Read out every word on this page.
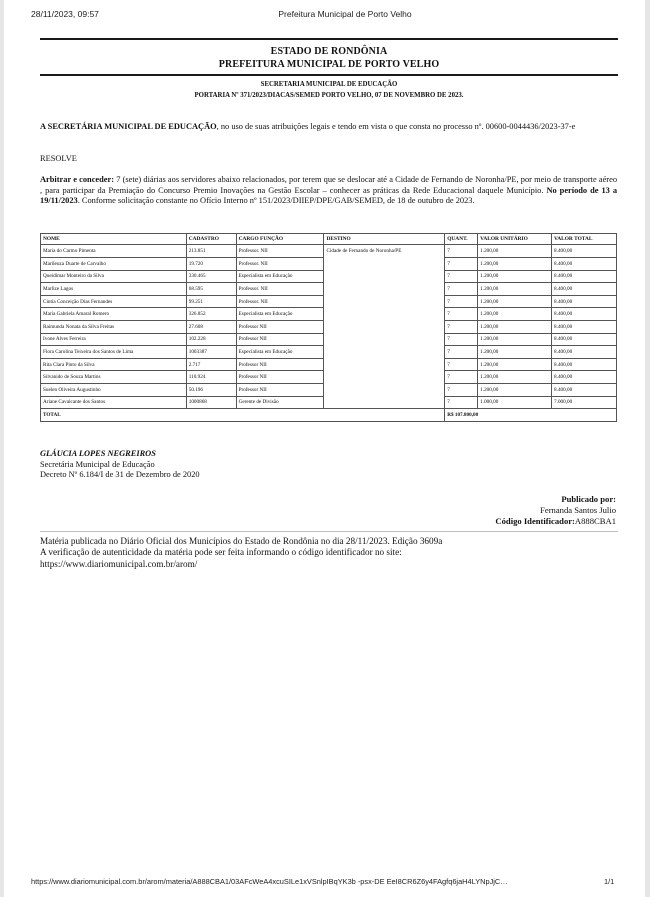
28/11/2023, 09:57	Prefeitura Municipal de Porto Velho
ESTADO DE RONDÔNIA
PREFEITURA MUNICIPAL DE PORTO VELHO
SECRETARIA MUNICIPAL DE EDUCAÇÃO
PORTARIA Nº 371/2023/DIACAS/SEMED PORTO VELHO, 07 DE NOVEMBRO DE 2023.
A SECRETÁRIA MUNICIPAL DE EDUCAÇÃO, no uso de suas atribuições legais e tendo em vista o que consta no processo nº. 00600-0044436/2023-37-e
RESOLVE
Arbitrar e conceder: 7 (sete) diárias aos servidores abaixo relacionados, por terem que se deslocar até a Cidade de Fernando de Noronha/PE, por meio de transporte aéreo , para participar da Premiação do Concurso Premio Inovações na Gestão Escolar – conhecer as práticas da Rede Educacional daquele Município. No período de 13 a 19/11/2023. Conforme solicitação constante no Ofício Interno nº 151/2023/DIIEP/DPE/GAB/SEMED, de 18 de outubro de 2023.
NOME	CADASTRO	CARGO FUNÇÃO	DESTINO	QUANT.	VALOR UNITÁRIO	VALOR TOTAL
Maria do Carmo Pimenta	213.851	Professor. NII	Cidade de Fernando de Noronha/PE	7	1.200,00	8.400,00
Marileuza Duarte de Carvalho	19.720	Professor. NII		7	1.200,00	8.400,00
Queidimar Monteiro da Silva	330.465	Especialista em Educação		7	1.200,00	8.400,00
Marlize Lagos	68.595	Professor. NII		7	1.200,00	8.400,00
Cintia Conceição Dias Fernandes	99.251	Professor. NII		7	1.200,00	8.400,00
Maria Gabriela Amaral Romero	326.852	Especialista em Educação		7	1.200,00	8.400,00
Raimunda Nonata da Silva Freitas	27.608	Professor NII		7	1.200,00	8.400,00
Ivone Alves Ferreira	102.228	Professor NII		7	1.200,00	8.400,00
Flora Carolina Teixeira dos Santos de Lima	1003387	Especialista em Educação		7	1.200,00	8.400,00
Rita Clara Pinto da Silva	2.717	Professor NII		7	1.200,00	8.400,00
Silvanido de Souza Martins	110.924	Professor NII		7	1.200,00	8.400,00
Suelen Oliveira Augustinho	50.196	Professor NII		7	1.200,00	8.400,00
Ariane Cavalcante dos Santos	1000868	Gerente de Divisão		7	1.000,00	7.000,00
TOTAL				R$ 107.800,00		
GLÁUCIA LOPES NEGREIROS
Secretária Municipal de Educação
Decreto Nº 6.184/I de 31 de Dezembro de 2020
Publicado por:
Fernanda Santos Julio
Código Identificador:A888CBA1
Matéria publicada no Diário Oficial dos Municípios do Estado de Rondônia no dia 28/11/2023. Edição 3609a
A verificação de autenticidade da matéria pode ser feita informando o código identificador no site:
https://www.diariomunicipal.com.br/arom/
https://www.diariomunicipal.com.br/arom/materia/A888CBA1/03AFcWeA4xcuSILe1xVSnlpIBqYK3b -psx-DE EeI8CR6Z6y4FAgfq6jaH4LYNpJjC…	1/1
